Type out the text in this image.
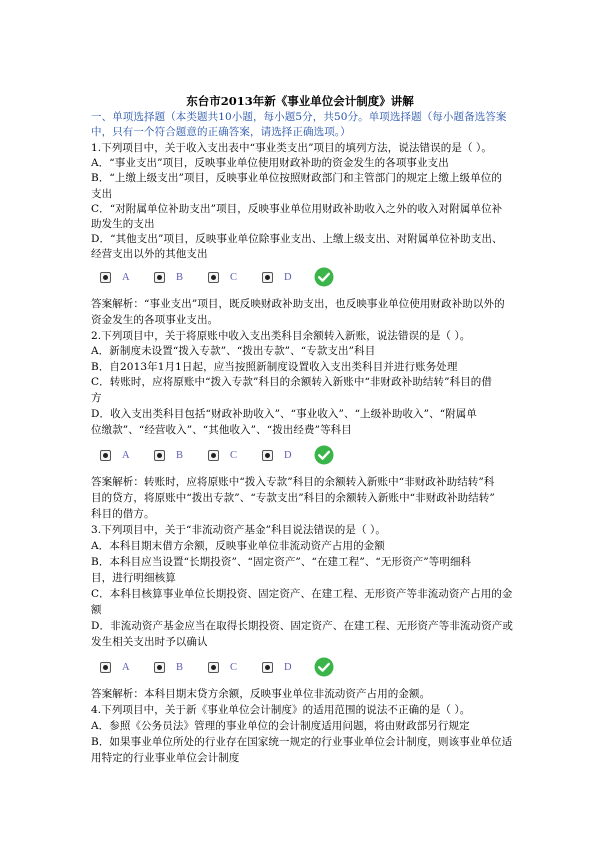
东台市2013年新《事业单位会计制度》讲解
一、单项选择题（本类题共10小题，每小题5分，共50分。单项选择题（每小题备选答案
中，只有一个符合题意的正确答案，请选择正确选项。）
1.下列项目中，关于收入支出表中“事业类支出”项目的填列方法，说法错误的是（ ）。
A．“事业支出”项目，反映事业单位使用财政补助的资金发生的各项事业支出
B．“上缴上级支出”项目，反映事业单位按照财政部门和主管部门的规定上缴上级单位的
支出
C．“对附属单位补助支出”项目，反映事业单位用财政补助收入之外的收入对附属单位补
助发生的支出
D．“其他支出”项目，反映事业单位除事业支出、上缴上级支出、对附属单位补助支出、
经营支出以外的其他支出
A	B	C	D
答案解析：“事业支出”项目，既反映财政补助支出，也反映事业单位使用财政补助以外的
资金发生的各项事业支出。
2.下列项目中，关于将原账中收入支出类科目余额转入新账，说法错误的是（ ）。
A．新制度未设置“拨入专款”、“拨出专款”、“专款支出”科目
B．自2013年1月1日起，应当按照新制度设置收入支出类科目并进行账务处理
C．转账时，应将原账中“拨入专款”科目的余额转入新账中“非财政补助结转”科目的借
方
D．收入支出类科目包括“财政补助收入”、“事业收入”、“上级补助收入”、“附属单
位缴款”、“经营收入”、“其他收入”、“拨出经费”等科目
A	B	C	D
答案解析：转账时，应将原账中“拨入专款”科目的余额转入新账中“非财政补助结转”科
目的贷方，将原账中“拨出专款”、“专款支出”科目的余额转入新账中“非财政补助结转”
科目的借方。
3.下列项目中，关于“非流动资产基金”科目说法错误的是（ ）。
A．本科目期末借方余额，反映事业单位非流动资产占用的金额
B．本科目应当设置“长期投资”、“固定资产”、“在建工程”、“无形资产”等明细科
目，进行明细核算
C．本科目核算事业单位长期投资、固定资产、在建工程、无形资产等非流动资产占用的金
额
D．非流动资产基金应当在取得长期投资、固定资产、在建工程、无形资产等非流动资产或
发生相关支出时予以确认
A	B	C	D
答案解析：本科目期末贷方余额，反映事业单位非流动资产占用的金额。
4.下列项目中，关于新《事业单位会计制度》的适用范围的说法不正确的是（ ）。
A．参照《公务员法》管理的事业单位的会计制度适用问题，将由财政部另行规定
B．如果事业单位所处的行业存在国家统一规定的行业事业单位会计制度，则该事业单位适
用特定的行业事业单位会计制度
